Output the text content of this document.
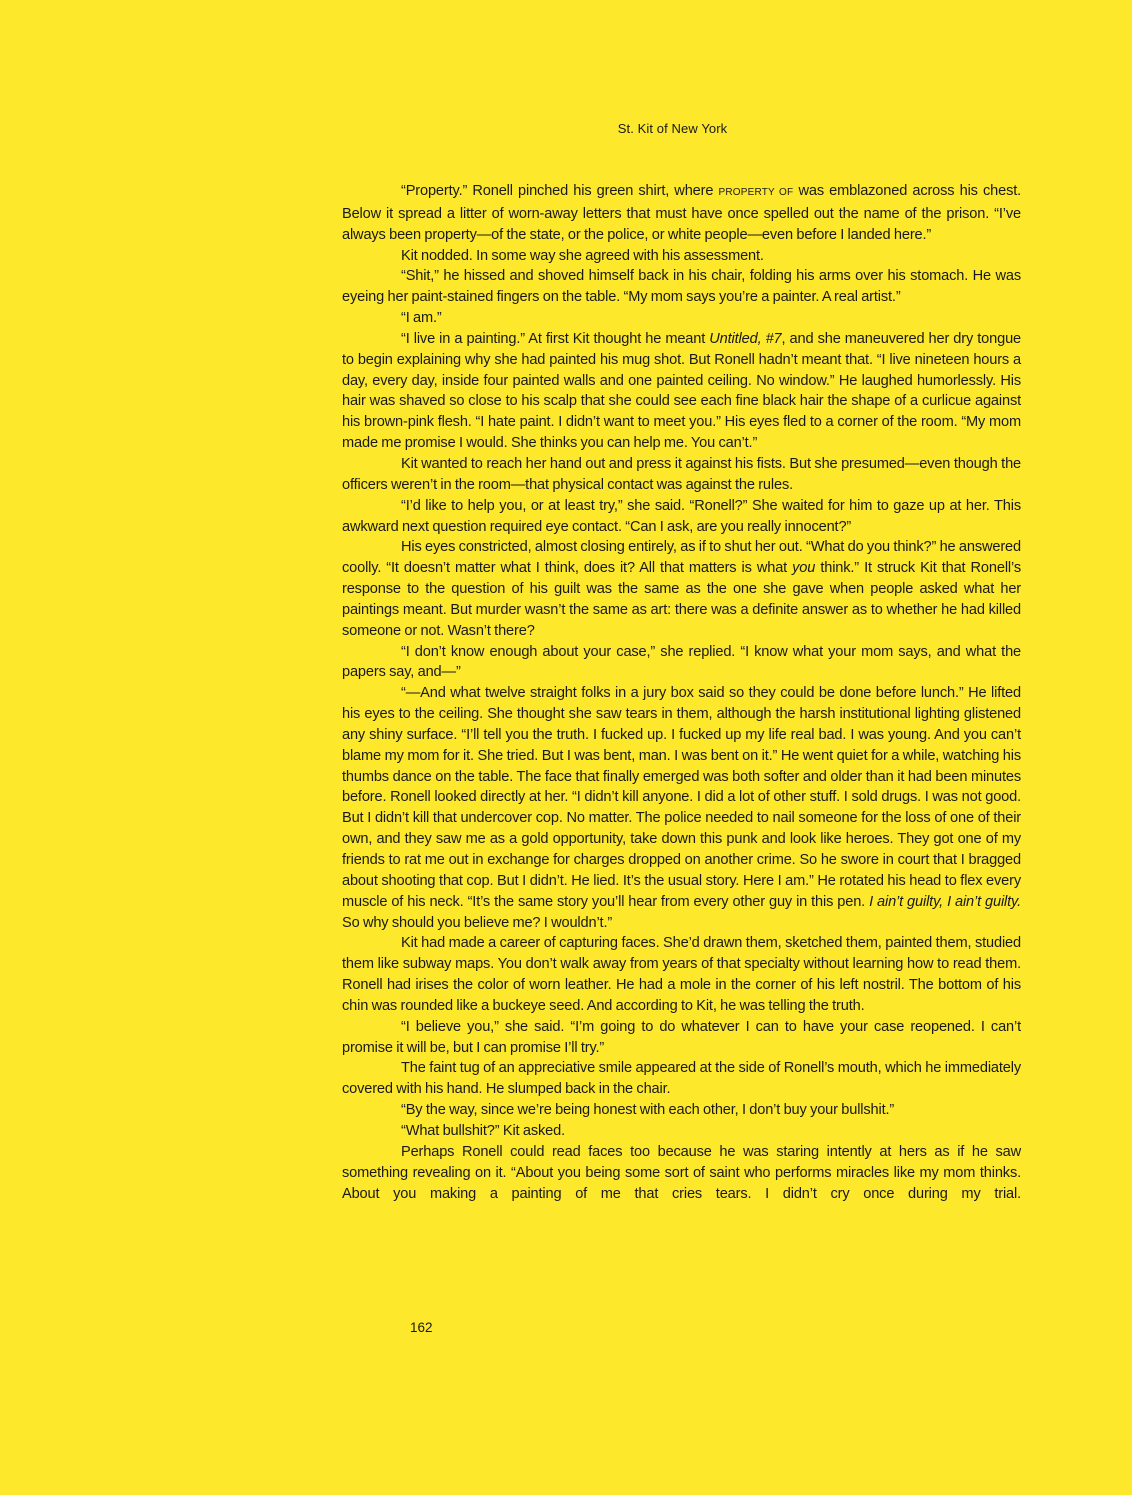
St. Kit of New York

“Property.” Ronell pinched his green shirt, where PROPERTY OF was emblazoned across his chest. Below it spread a litter of worn-away letters that must have once spelled out the name of the prison. “I’ve always been property—of the state, or the police, or white people—even before I landed here.”

Kit nodded. In some way she agreed with his assessment.

“Shit,” he hissed and shoved himself back in his chair, folding his arms over his stomach. He was eyeing her paint-stained fingers on the table. “My mom says you’re a painter. A real artist.”

“I am.”

“I live in a painting.” At first Kit thought he meant Untitled, #7, and she maneuvered her dry tongue to begin explaining why she had painted his mug shot. But Ronell hadn’t meant that. “I live nineteen hours a day, every day, inside four painted walls and one painted ceiling. No window.” He laughed humorlessly. His hair was shaved so close to his scalp that she could see each fine black hair the shape of a curlicue against his brown-pink flesh. “I hate paint. I didn’t want to meet you.” His eyes fled to a corner of the room. “My mom made me promise I would. She thinks you can help me. You can’t.”

Kit wanted to reach her hand out and press it against his fists. But she presumed—even though the officers weren’t in the room—that physical contact was against the rules.

“I’d like to help you, or at least try,” she said. “Ronell?” She waited for him to gaze up at her. This awkward next question required eye contact. “Can I ask, are you really innocent?”

His eyes constricted, almost closing entirely, as if to shut her out. “What do you think?” he answered coolly. “It doesn’t matter what I think, does it? All that matters is what you think.” It struck Kit that Ronell’s response to the question of his guilt was the same as the one she gave when people asked what her paintings meant. But murder wasn’t the same as art: there was a definite answer as to whether he had killed someone or not. Wasn’t there?

“I don’t know enough about your case,” she replied. “I know what your mom says, and what the papers say, and—”

“—And what twelve straight folks in a jury box said so they could be done before lunch.” He lifted his eyes to the ceiling. She thought she saw tears in them, although the harsh institutional lighting glistened any shiny surface. “I’ll tell you the truth. I fucked up. I fucked up my life real bad. I was young. And you can’t blame my mom for it. She tried. But I was bent, man. I was bent on it.” He went quiet for a while, watching his thumbs dance on the table. The face that finally emerged was both softer and older than it had been minutes before. Ronell looked directly at her. “I didn’t kill anyone. I did a lot of other stuff. I sold drugs. I was not good. But I didn’t kill that undercover cop. No matter. The police needed to nail someone for the loss of one of their own, and they saw me as a gold opportunity, take down this punk and look like heroes. They got one of my friends to rat me out in exchange for charges dropped on another crime. So he swore in court that I bragged about shooting that cop. But I didn’t. He lied. It’s the usual story. Here I am.” He rotated his head to flex every muscle of his neck. “It’s the same story you’ll hear from every other guy in this pen. I ain’t guilty, I ain’t guilty. So why should you believe me? I wouldn’t.”

Kit had made a career of capturing faces. She’d drawn them, sketched them, painted them, studied them like subway maps. You don’t walk away from years of that specialty without learning how to read them. Ronell had irises the color of worn leather. He had a mole in the corner of his left nostril. The bottom of his chin was rounded like a buckeye seed. And according to Kit, he was telling the truth.

“I believe you,” she said. “I’m going to do whatever I can to have your case reopened. I can’t promise it will be, but I can promise I’ll try.”

The faint tug of an appreciative smile appeared at the side of Ronell’s mouth, which he immediately covered with his hand. He slumped back in the chair.

“By the way, since we’re being honest with each other, I don’t buy your bullshit.”

“What bullshit?” Kit asked.

Perhaps Ronell could read faces too because he was staring intently at hers as if he saw something revealing on it. “About you being some sort of saint who performs miracles like my mom thinks. About you making a painting of me that cries tears. I didn’t cry once during my trial.

162
